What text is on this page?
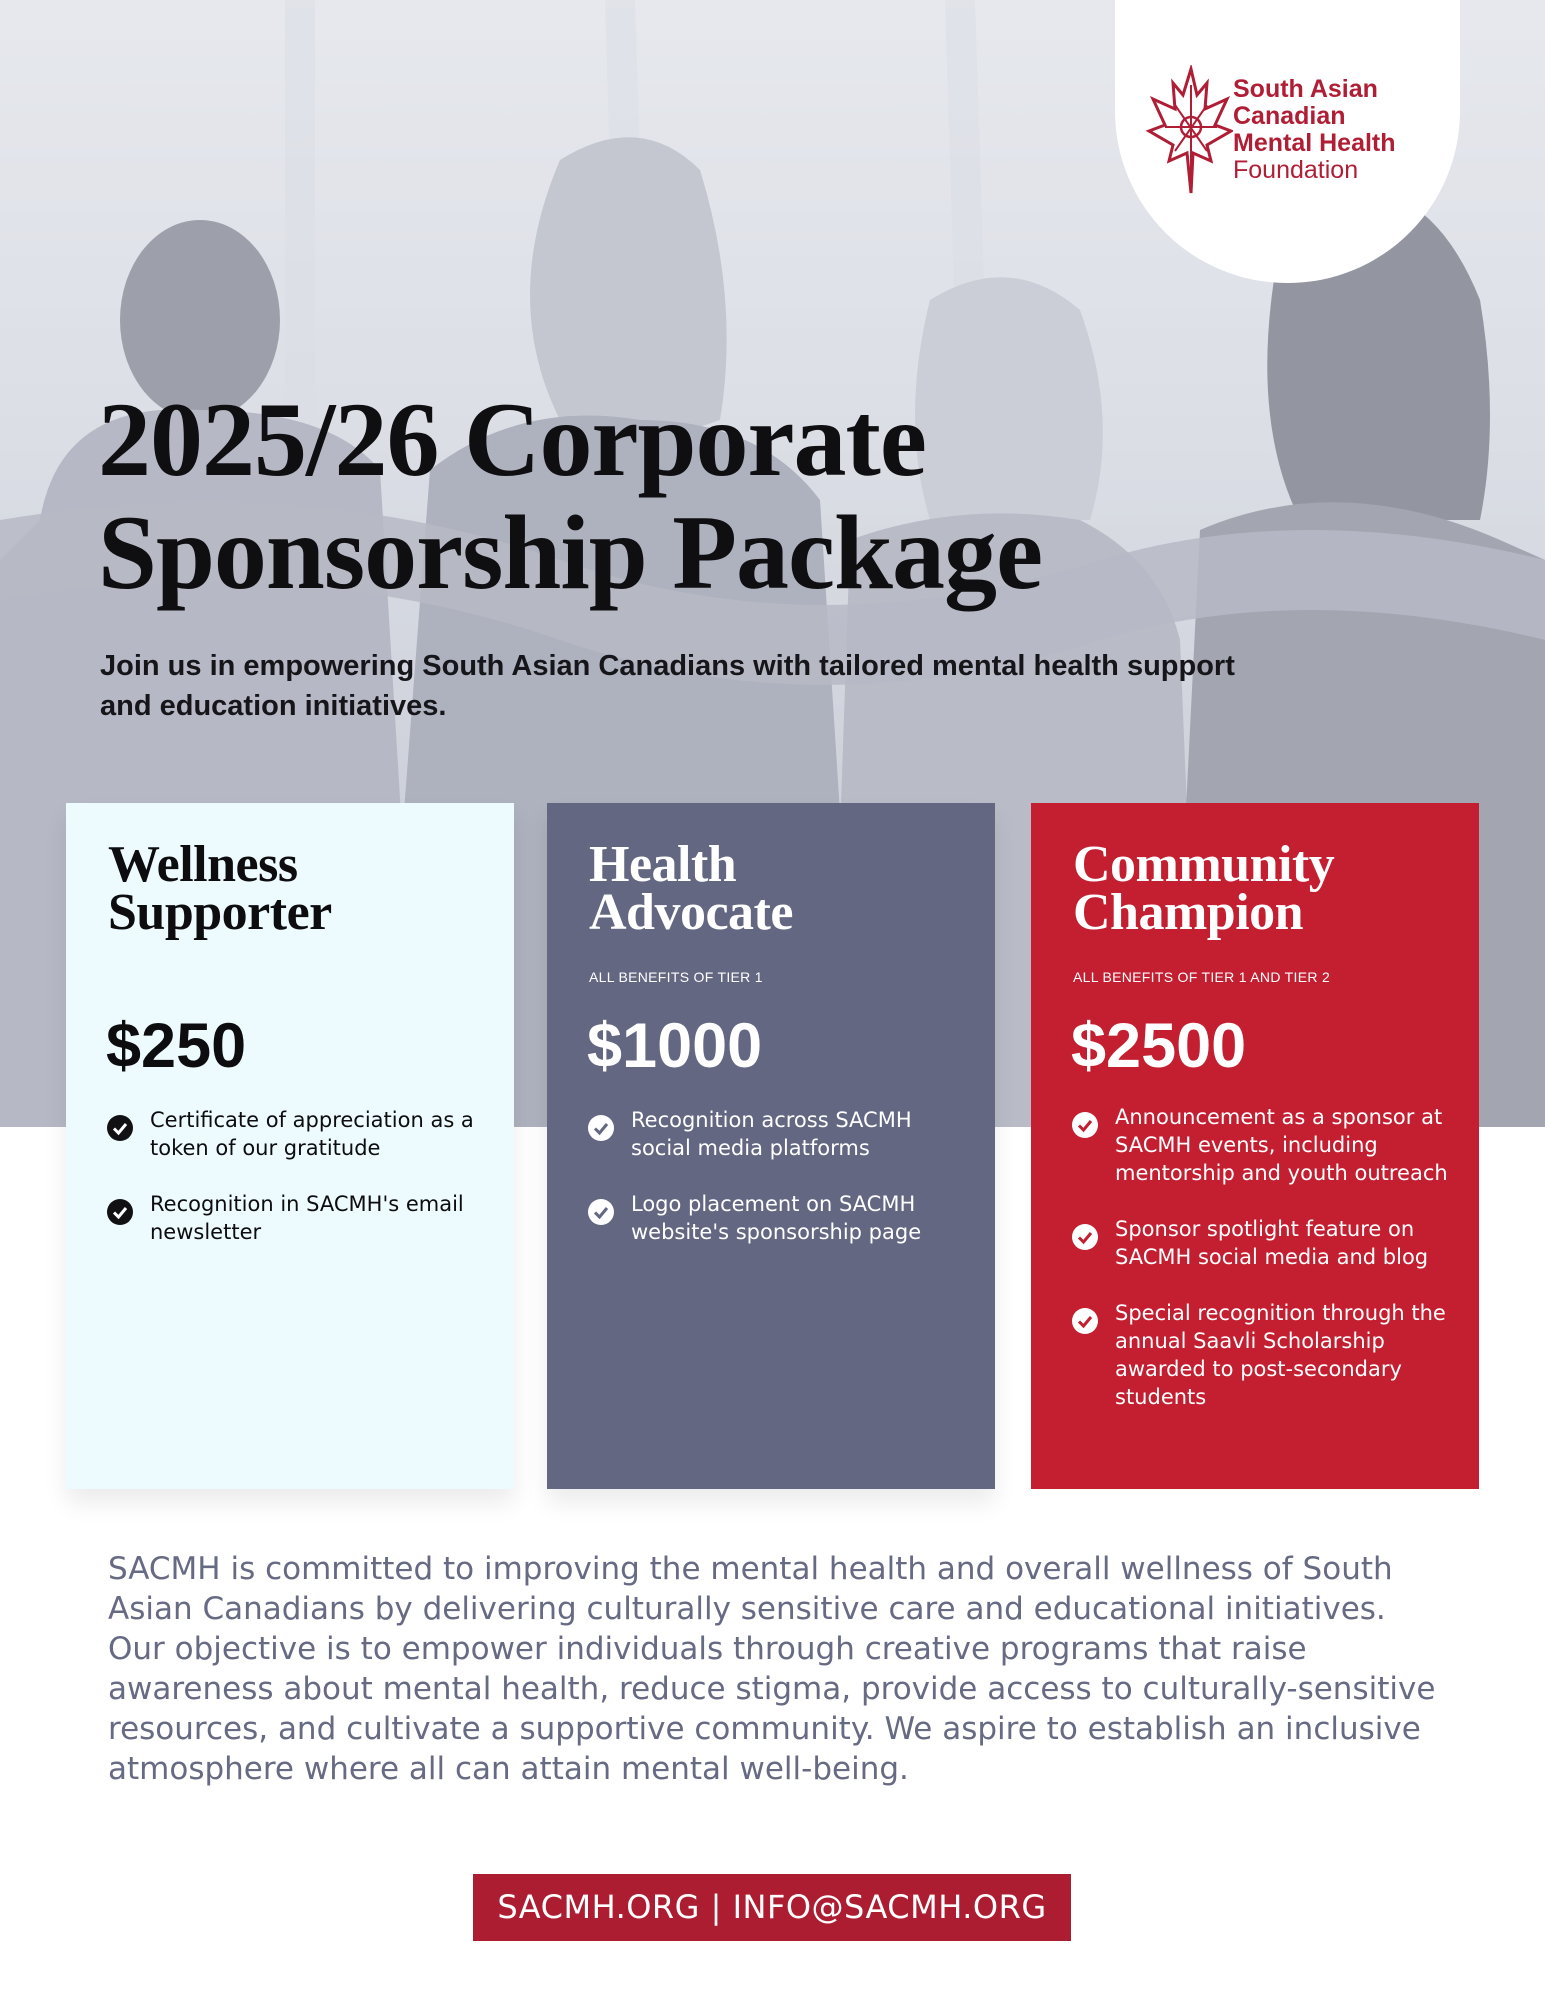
South Asian
Canadian
Mental Health
Foundation
2025/26 Corporate
Sponsorship Package

Join us in empowering South Asian Canadians with tailored mental health support and education initiatives.

Wellness
Supporter
$250
Certificate of appreciation as a token of our gratitude
Recognition in SACMH's email newsletter
Health
Advocate
ALL BENEFITS OF TIER 1
$1000
Recognition across SACMH social media platforms
Logo placement on SACMH website's sponsorship page
Community
Champion
ALL BENEFITS OF TIER 1 AND TIER 2
$2500
Announcement as a sponsor at SACMH events, including mentorship and youth outreach
Sponsor spotlight feature on SACMH social media and blog
Special recognition through the annual Saavli Scholarship awarded to post-secondary students

SACMH is committed to improving the mental health and overall wellness of South Asian Canadians by delivering culturally sensitive care and educational initiatives. Our objective is to empower individuals through creative programs that raise awareness about mental health, reduce stigma, provide access to culturally-sensitive resources, and cultivate a supportive community. We aspire to establish an inclusive atmosphere where all can attain mental well-being.

SACMH.ORG | INFO@SACMH.ORG
